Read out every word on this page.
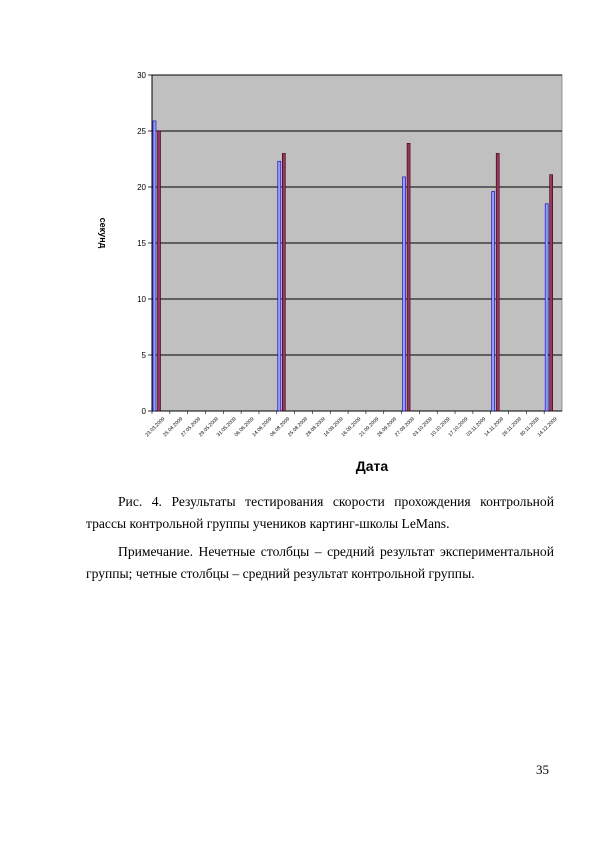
0
5
10
15
20
25
30
23.03.2009
25.04.2009
27.05.2009
29.05.2009
31.05.2009
06.06.2009
14.06.2009
06.08.2009
25.08.2009
28.08.2009
14.09.2009
16.09.2009
21.09.2009
26.09.2009
27.09.2009
03.10.2009
10.10.2009
17.10.2009
03.11.2009
14.11.2009
26.11.2009
30.11.2009
14.12.2009
Дата
секунд
Рис. 4. Результаты тестирования скорости прохождения контрольной трассы контрольной группы учеников картинг-школы LeMans.
Примечание. Нечетные столбцы – средний результат экспериментальной группы; четные столбцы – средний результат контрольной группы.
35
